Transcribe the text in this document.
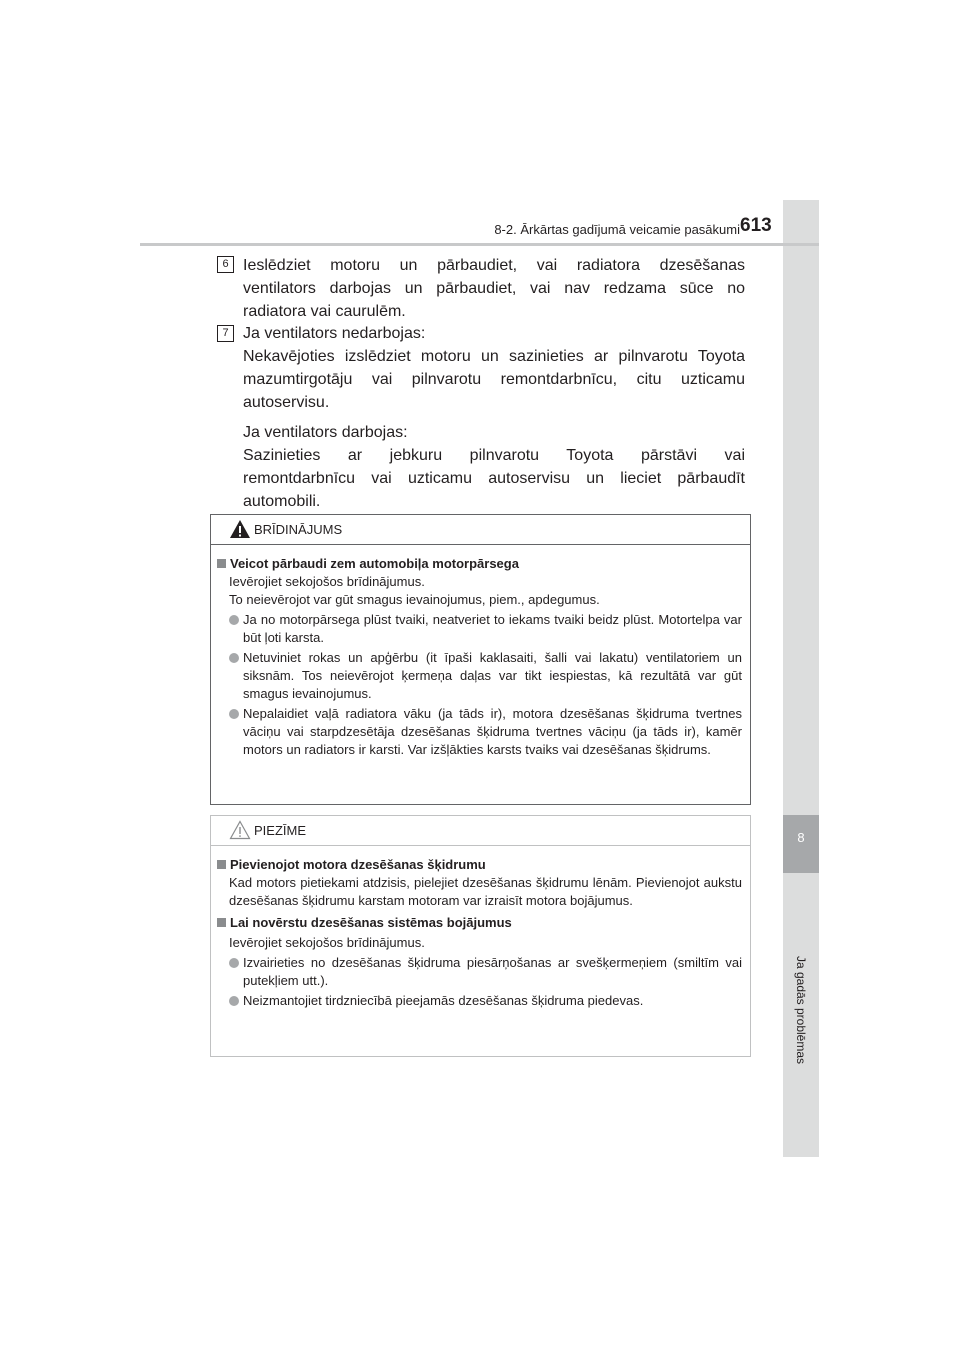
8
Ja gadās problēmas
8-2. Ārkārtas gadījumā veicamie pasākumi 613
6 Ieslēdziet motoru un pārbaudiet, vai radiatora dzesēšanas

ventilators darbojas un pārbaudiet, vai nav redzama sūce no

radiatora vai caurulēm.

7 Ja ventilators nedarbojas:

Nekavējoties izslēdziet motoru un sazinieties ar pilnvarotu Toyota

mazumtirgotāju vai pilnvarotu remontdarbnīcu, citu uzticamu

autoservisu.

Ja ventilators darbojas:

Sazinieties ar jebkuru pilnvarotu Toyota pārstāvi vai

remontdarbnīcu vai uzticamu autoservisu un lieciet pārbaudīt

automobili.

BRĪDINĀJUMS

Veicot pārbaudi zem automobiļa motorpārsega

Ievērojiet sekojošos brīdinājumus.

To neievērojot var gūt smagus ievainojumus, piem., apdegumus.

Ja no motorpārsega plūst tvaiki, neatveriet to iekams tvaiki beidz plūst. Motortelpa var būt ļoti karsta.
Netuviniet rokas un apģērbu (it īpaši kaklasaiti, šalli vai lakatu) ventilatoriem un siksnām. Tos neievērojot ķermeņa daļas var tikt iespiestas, kā rezultātā var gūt smagus ievainojumus.
Nepalaidiet vaļā radiatora vāku (ja tāds ir), motora dzesēšanas šķidruma tvertnes vāciņu vai starpdzesētāja dzesēšanas šķidruma tvertnes vāciņu (ja tāds ir), kamēr motors un radiators ir karsti. Var izšļākties karsts tvaiks vai dzesēšanas šķidrums.
PIEZĪME

Pievienojot motora dzesēšanas šķidrumu

Kad motors pietiekami atdzisis, pielejiet dzesēšanas šķidrumu lēnām. Pievienojot aukstu dzesēšanas šķidrumu karstam motoram var izraisīt motora bojājumus.

Lai novērstu dzesēšanas sistēmas bojājumus

Ievērojiet sekojošos brīdinājumus.

Izvairieties no dzesēšanas šķidruma piesārņošanas ar svešķermeņiem (smiltīm vai putekļiem utt.).
Neizmantojiet tirdzniecībā pieejamās dzesēšanas šķidruma piedevas.
